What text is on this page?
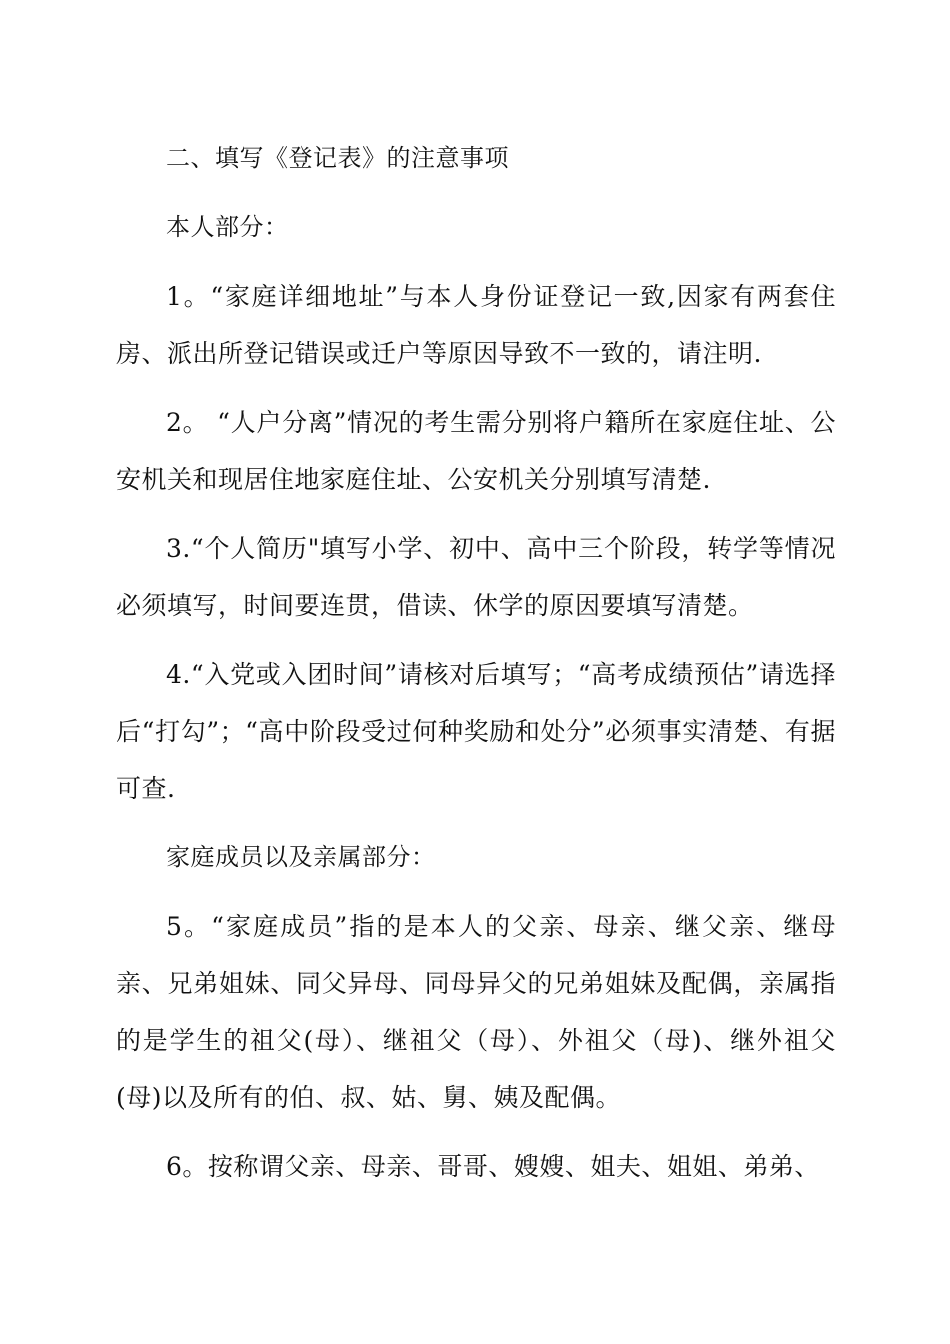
二、填写《登记表》的注意事项

本人部分：

1。“家庭详细地址”与本人身份证登记一致,因家有两套住房、派出所登记错误或迁户等原因导致不一致的，请注明.

2。 “人户分离”情况的考生需分别将户籍所在家庭住址、公安机关和现居住地家庭住址、公安机关分别填写清楚.

3.“个人简历"填写小学、初中、高中三个阶段，转学等情况必须填写，时间要连贯，借读、休学的原因要填写清楚。

4.“入党或入团时间”请核对后填写；“高考成绩预估”请选择后“打勾”；“高中阶段受过何种奖励和处分”必须事实清楚、有据可查.

家庭成员以及亲属部分：

5。“家庭成员”指的是本人的父亲、母亲、继父亲、继母亲、兄弟姐妹、同父异母、同母异父的兄弟姐妹及配偶，亲属指的是学生的祖父(母）、继祖父（母）、外祖父（母)、继外祖父(母)以及所有的伯、叔、姑、舅、姨及配偶。

6。按称谓父亲、母亲、哥哥、嫂嫂、姐夫、姐姐、弟弟、
